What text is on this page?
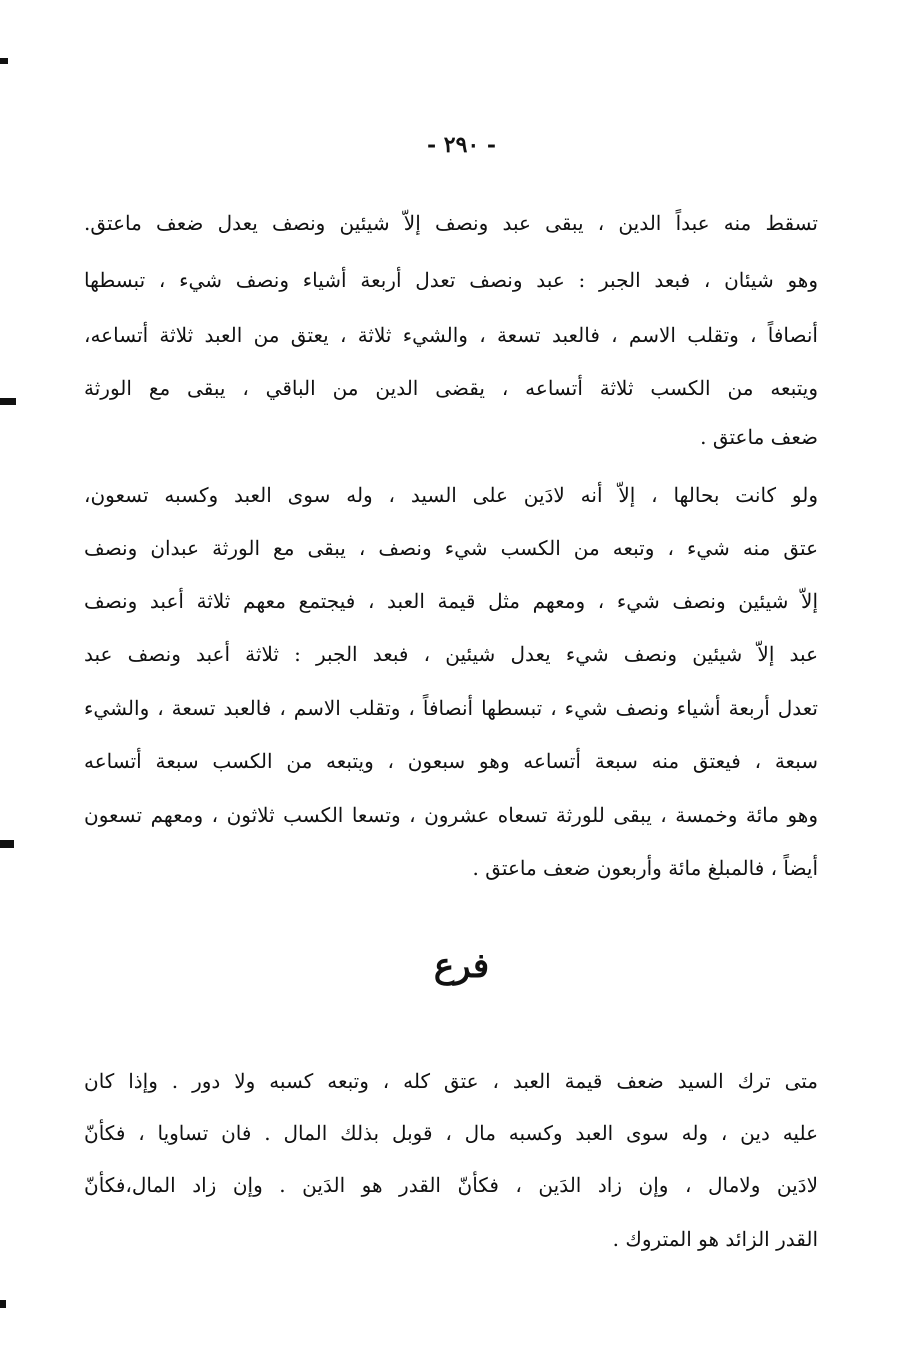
- ٢٩٠ -
تسقط منه عبداً الدين ، يبقى عبد ونصف إلاّ شيئين ونصف يعدل ضعف ماعتق.
وهو شيئان ، فبعد الجبر : عبد ونصف تعدل أربعة أشياء ونصف شيء ، تبسطها
أنصافاً ، وتقلب الاسم ، فالعبد تسعة ، والشيء ثلاثة ، يعتق من العبد ثلاثة أتساعه،
ويتبعه من الكسب ثلاثة أتساعه ، يقضى الدين من الباقي ، يبقى مع الورثة
ضعف ماعتق .
ولو كانت بحالها ، إلاّ أنه لادَين على السيد ، وله سوى العبد وكسبه تسعون،
عتق منه شيء ، وتبعه من الكسب شيء ونصف ، يبقى مع الورثة عبدان ونصف
إلاّ شيئين ونصف شيء ، ومعهم مثل قيمة العبد ، فيجتمع معهم ثلاثة أعبد ونصف
عبد إلاّ شيئين ونصف شيء يعدل شيئين ، فبعد الجبر : ثلاثة أعبد ونصف عبد
تعدل أربعة أشياء ونصف شيء ، تبسطها أنصافاً ، وتقلب الاسم ، فالعبد تسعة ، والشيء
سبعة ، فيعتق منه سبعة أتساعه وهو سبعون ، ويتبعه من الكسب سبعة أتساعه
وهو مائة وخمسة ، يبقى للورثة تسعاه عشرون ، وتسعا الكسب ثلاثون ، ومعهم تسعون
أيضاً ، فالمبلغ مائة وأربعون ضعف ماعتق .
فرع
متى ترك السيد ضعف قيمة العبد ، عتق كله ، وتبعه كسبه ولا دور . وإذا كان
عليه دين ، وله سوى العبد وكسبه مال ، قوبل بذلك المال . فان تساويا ، فكأنّ
لادَين ولامال ، وإن زاد الدَين ، فكأنّ القدر هو الدَين . وإن زاد المال،فكأنّ
القدر الزائد هو المتروك .
